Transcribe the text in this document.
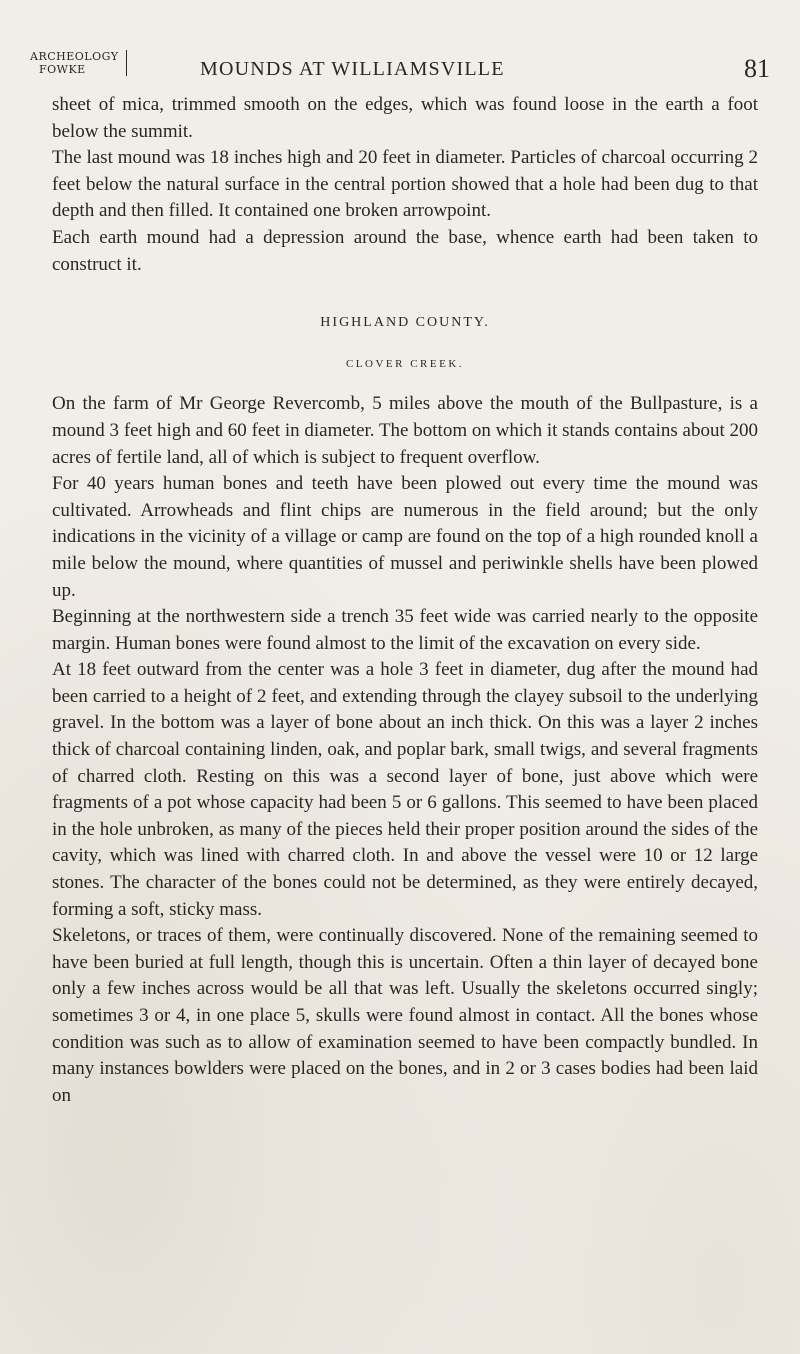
ARCHEOLOGY
FOWKE	MOUNDS AT WILLIAMSVILLE	81

sheet of mica, trimmed smooth on the edges, which was found loose in the earth a foot below the summit.

The last mound was 18 inches high and 20 feet in diameter. Particles of charcoal occurring 2 feet below the natural surface in the central portion showed that a hole had been dug to that depth and then filled. It contained one broken arrowpoint.

Each earth mound had a depression around the base, whence earth had been taken to construct it.

HIGHLAND COUNTY.
CLOVER CREEK.

On the farm of Mr George Revercomb, 5 miles above the mouth of the Bullpasture, is a mound 3 feet high and 60 feet in diameter. The bottom on which it stands contains about 200 acres of fertile land, all of which is subject to frequent overflow.

For 40 years human bones and teeth have been plowed out every time the mound was cultivated. Arrowheads and flint chips are numerous in the field around; but the only indications in the vicinity of a village or camp are found on the top of a high rounded knoll a mile below the mound, where quantities of mussel and periwinkle shells have been plowed up.

Beginning at the northwestern side a trench 35 feet wide was carried nearly to the opposite margin. Human bones were found almost to the limit of the excavation on every side.

At 18 feet outward from the center was a hole 3 feet in diameter, dug after the mound had been carried to a height of 2 feet, and extending through the clayey subsoil to the underlying gravel. In the bottom was a layer of bone about an inch thick. On this was a layer 2 inches thick of charcoal containing linden, oak, and poplar bark, small twigs, and several fragments of charred cloth. Resting on this was a second layer of bone, just above which were fragments of a pot whose capacity had been 5 or 6 gallons. This seemed to have been placed in the hole unbroken, as many of the pieces held their proper position around the sides of the cavity, which was lined with charred cloth. In and above the vessel were 10 or 12 large stones. The character of the bones could not be determined, as they were entirely decayed, forming a soft, sticky mass.

Skeletons, or traces of them, were continually discovered. None of the remaining seemed to have been buried at full length, though this is uncertain. Often a thin layer of decayed bone only a few inches across would be all that was left. Usually the skeletons occurred singly; sometimes 3 or 4, in one place 5, skulls were found almost in contact. All the bones whose condition was such as to allow of examination seemed to have been compactly bundled. In many instances bowlders were placed on the bones, and in 2 or 3 cases bodies had been laid on
